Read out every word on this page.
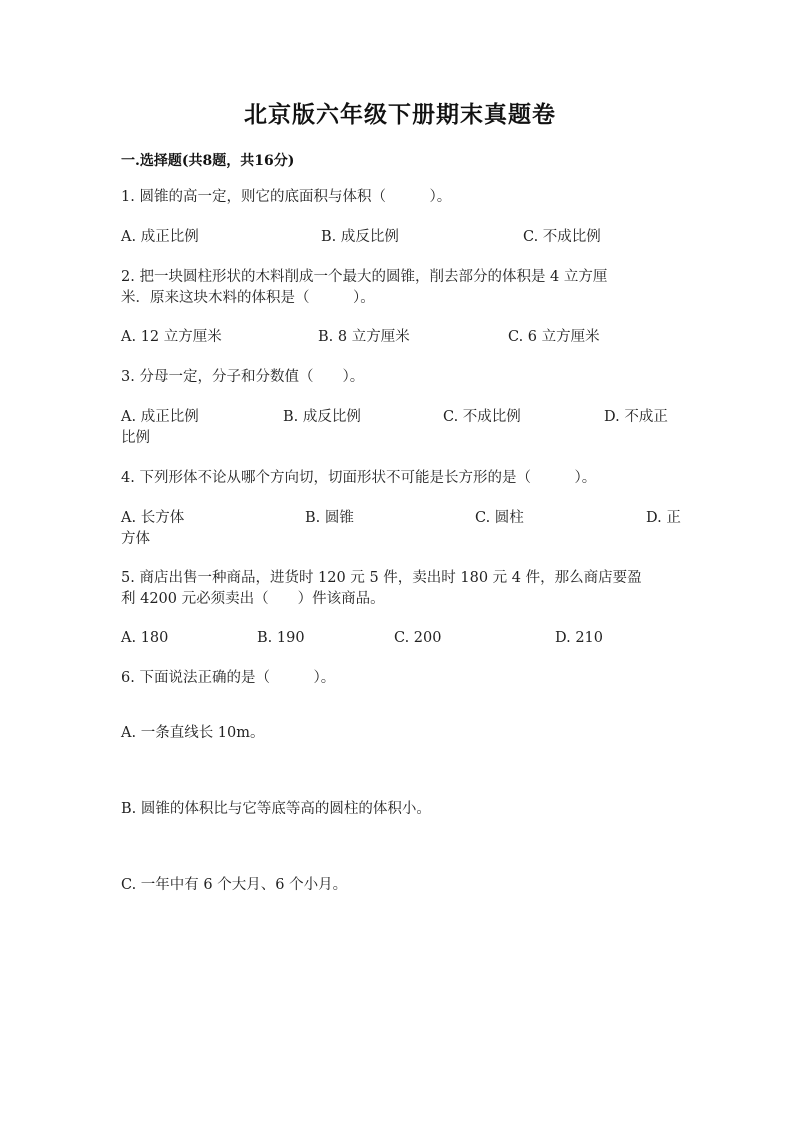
北京版六年级下册期末真题卷
一.选择题(共8题，共16分)
1. 圆锥的高一定，则它的底面积与体积（　　　）。
A. 成正比例	B. 成反比例	C. 不成比例
2. 把一块圆柱形状的木料削成一个最大的圆锥，削去部分的体积是 4 立方厘
米．原来这块木料的体积是（　　　）。
A. 12 立方厘米	B. 8 立方厘米	C. 6 立方厘米
3. 分母一定，分子和分数值（　　）。
A. 成正比例	B. 成反比例	C. 不成比例	D. 不成正
比例
4. 下列形体不论从哪个方向切，切面形状不可能是长方形的是（　　　）。
A. 长方体	B. 圆锥	C. 圆柱	D. 正
方体
5. 商店出售一种商品，进货时 120 元 5 件，卖出时 180 元 4 件，那么商店要盈
利 4200 元必须卖出（　　）件该商品。
A. 180	B. 190	C. 200	D. 210
6. 下面说法正确的是（　　　）。
A. 一条直线长 10m。
B. 圆锥的体积比与它等底等高的圆柱的体积小。
C. 一年中有 6 个大月、6 个小月。
